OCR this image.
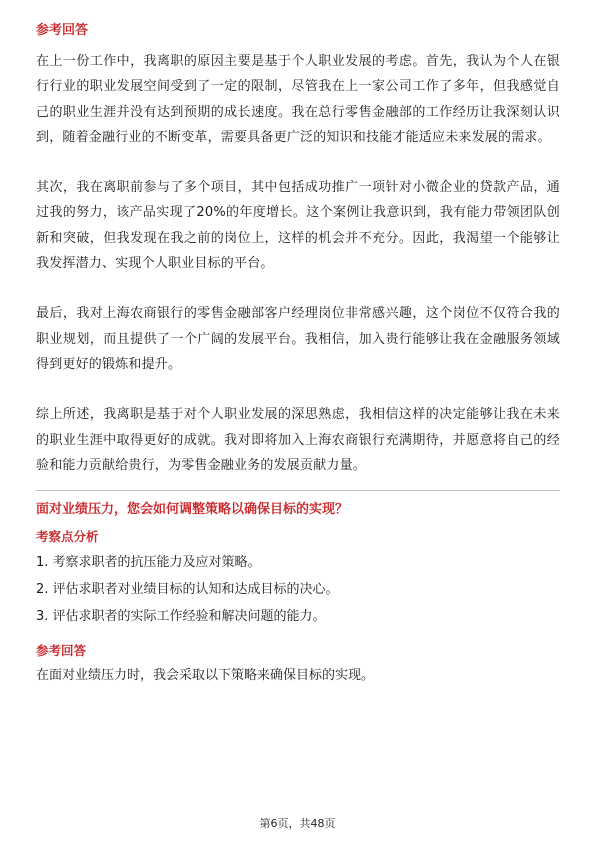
参考回答

在上一份工作中，我离职的原因主要是基于个人职业发展的考虑。首先，我认为个人在银行行业的职业发展空间受到了一定的限制，尽管我在上一家公司工作了多年，但我感觉自己的职业生涯并没有达到预期的成长速度。我在总行零售金融部的工作经历让我深刻认识到，随着金融行业的不断变革，需要具备更广泛的知识和技能才能适应未来发展的需求。

其次，我在离职前参与了多个项目，其中包括成功推广一项针对小微企业的贷款产品，通过我的努力，该产品实现了20%的年度增长。这个案例让我意识到，我有能力带领团队创新和突破，但我发现在我之前的岗位上，这样的机会并不充分。因此，我渴望一个能够让我发挥潜力、实现个人职业目标的平台。

最后，我对上海农商银行的零售金融部客户经理岗位非常感兴趣，这个岗位不仅符合我的职业规划，而且提供了一个广阔的发展平台。我相信，加入贵行能够让我在金融服务领域得到更好的锻炼和提升。

综上所述，我离职是基于对个人职业发展的深思熟虑，我相信这样的决定能够让我在未来的职业生涯中取得更好的成就。我对即将加入上海农商银行充满期待，并愿意将自己的经验和能力贡献给贵行，为零售金融业务的发展贡献力量。

面对业绩压力，您会如何调整策略以确保目标的实现？

考察点分析

1. 考察求职者的抗压能力及应对策略。

2. 评估求职者对业绩目标的认知和达成目标的决心。

3. 评估求职者的实际工作经验和解决问题的能力。

参考回答

在面对业绩压力时，我会采取以下策略来确保目标的实现。

第6页，共48页
